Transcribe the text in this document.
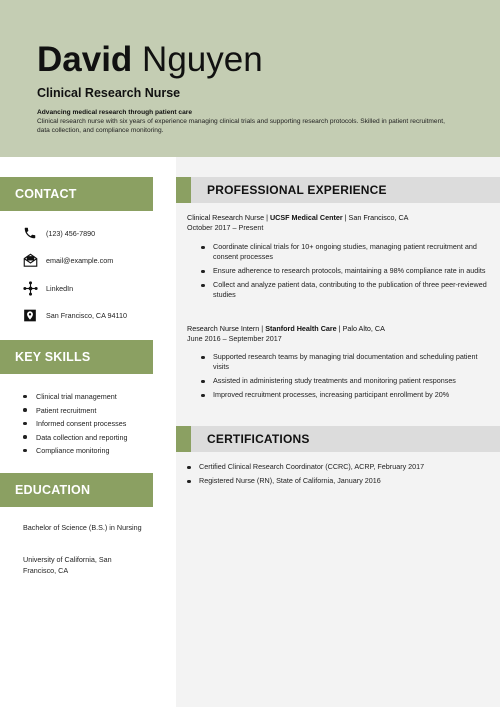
David Nguyen
Clinical Research Nurse
Advancing medical research through patient care
Clinical research nurse with six years of experience managing clinical trials and supporting research protocols. Skilled in patient recruitment, data collection, and compliance monitoring.
CONTACT
(123) 456-7890
email@example.com
LinkedIn
San Francisco, CA 94110
KEY SKILLS
Clinical trial management
Patient recruitment
Informed consent processes
Data collection and reporting
Compliance monitoring
EDUCATION
Bachelor of Science (B.S.) in Nursing
University of California, San Francisco, CA
PROFESSIONAL EXPERIENCE
Clinical Research Nurse | UCSF Medical Center | San Francisco, CA
October 2017 – Present
Coordinate clinical trials for 10+ ongoing studies, managing patient recruitment and consent processes
Ensure adherence to research protocols, maintaining a 98% compliance rate in audits
Collect and analyze patient data, contributing to the publication of three peer-reviewed studies
Research Nurse Intern | Stanford Health Care | Palo Alto, CA
June 2016 – September 2017
Supported research teams by managing trial documentation and scheduling patient visits
Assisted in administering study treatments and monitoring patient responses
Improved recruitment processes, increasing participant enrollment by 20%
CERTIFICATIONS
Certified Clinical Research Coordinator (CCRC), ACRP, February 2017
Registered Nurse (RN), State of California, January 2016
